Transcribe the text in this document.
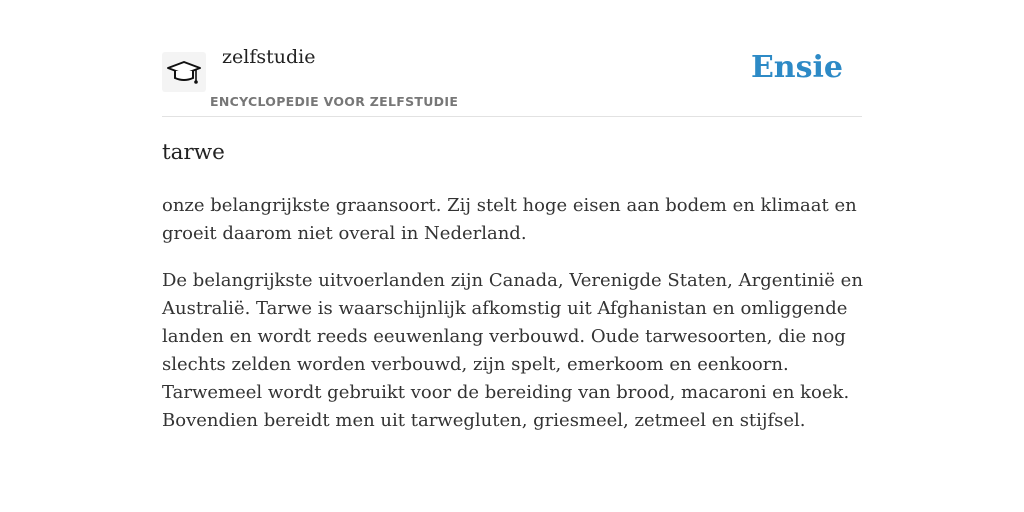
zelfstudie
ENCYCLOPEDIE VOOR ZELFSTUDIE
Ensie
tarwe

onze belangrijkste graansoort. Zij stelt hoge eisen aan bodem en klimaat en groeit daarom niet overal in Nederland.

De belangrijkste uitvoerlanden zijn Canada, Verenigde Staten, Argentinië en Australië. Tarwe is waarschijnlijk afkomstig uit Afghanistan en omliggende landen en wordt reeds eeuwenlang verbouwd. Oude tarwesoorten, die nog slechts zelden worden verbouwd, zijn spelt, emerkoom en eenkoorn. Tarwemeel wordt gebruikt voor de bereiding van brood, macaroni en koek. Bovendien bereidt men uit tarwegluten, griesmeel, zetmeel en stijfsel.
